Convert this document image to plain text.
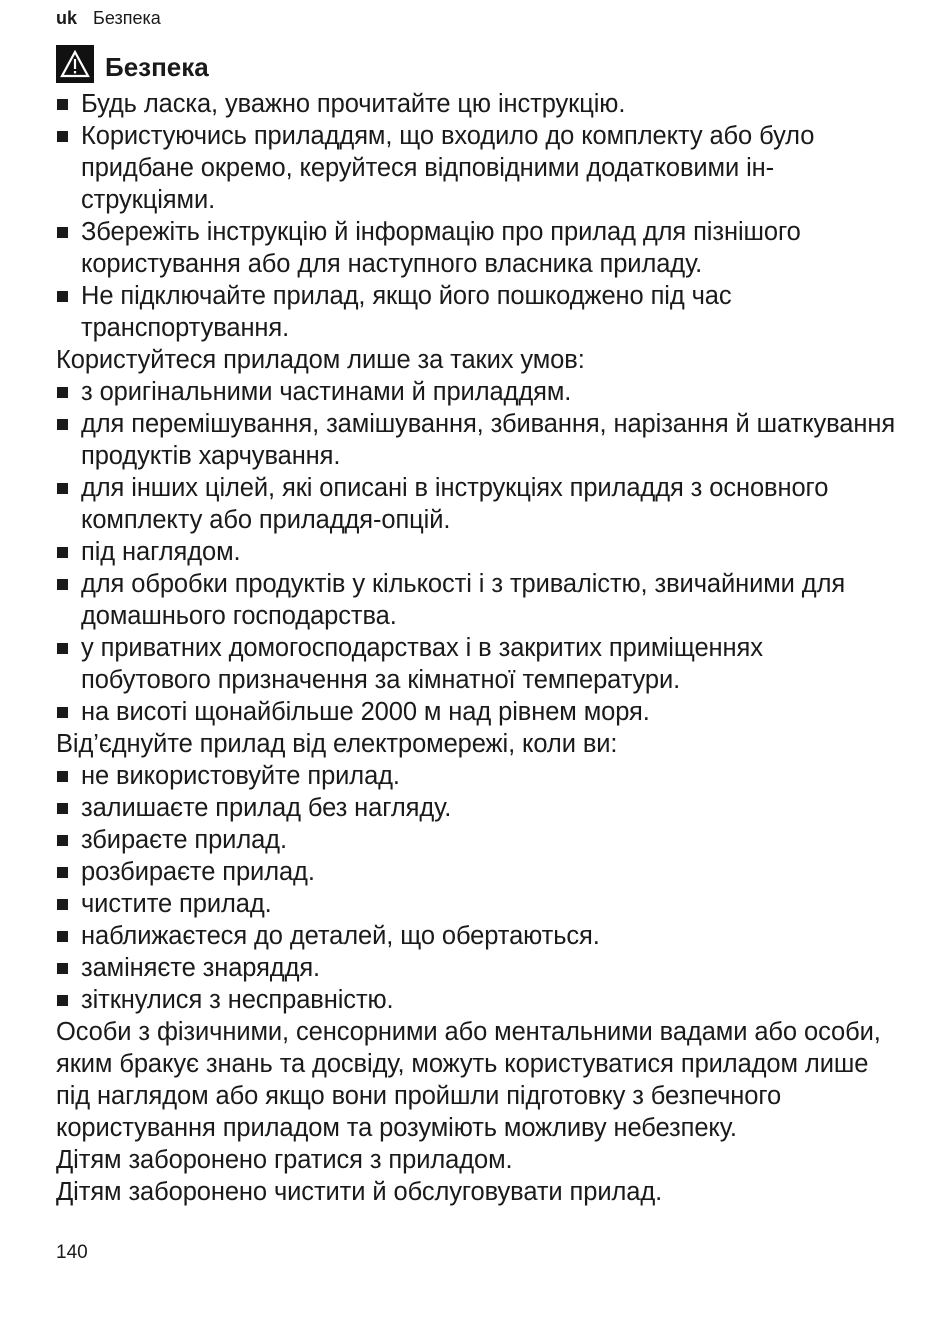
uk Безпека
Безпека
Будь ласка, уважно прочитайте цю інструкцію.
Користуючись приладдям, що входило до комплекту або було придбане окремо, керуйтеся відповідними додатковими інструкціями.
Збережіть інструкцію й інформацію про прилад для пізнішого користування або для наступного власника приладу.
Не підключайте прилад, якщо його пошкоджено під час транспортування.

Користуйтеся приладом лише за таких умов:

з оригінальними частинами й приладдям.
для перемішування, замішування, збивання, нарізання й шаткування продуктів харчування.
для інших цілей, які описані в інструкціях приладдя з основного комплекту або приладдя-опцій.
під наглядом.
для обробки продуктів у кількості і з тривалістю, звичайними для домашнього господарства.
у приватних домогосподарствах і в закритих приміщеннях побутового призначення за кімнатної температури.
на висоті щонайбільше 2000 м над рівнем моря.

Від’єднуйте прилад від електромережі, коли ви:

не використовуйте прилад.
залишаєте прилад без нагляду.
збираєте прилад.
розбираєте прилад.
чистите прилад.
наближаєтеся до деталей, що обертаються.
заміняєте знаряддя.
зіткнулися з несправністю.

Особи з фізичними, сенсорними або ментальними вадами або особи, яким бракує знань та досвіду, можуть користуватися приладом лише під наглядом або якщо вони пройшли підготовку з безпечного користування приладом та розуміють можливу небезпеку.

Дітям заборонено гратися з приладом.

Дітям заборонено чистити й обслуговувати прилад.

140
